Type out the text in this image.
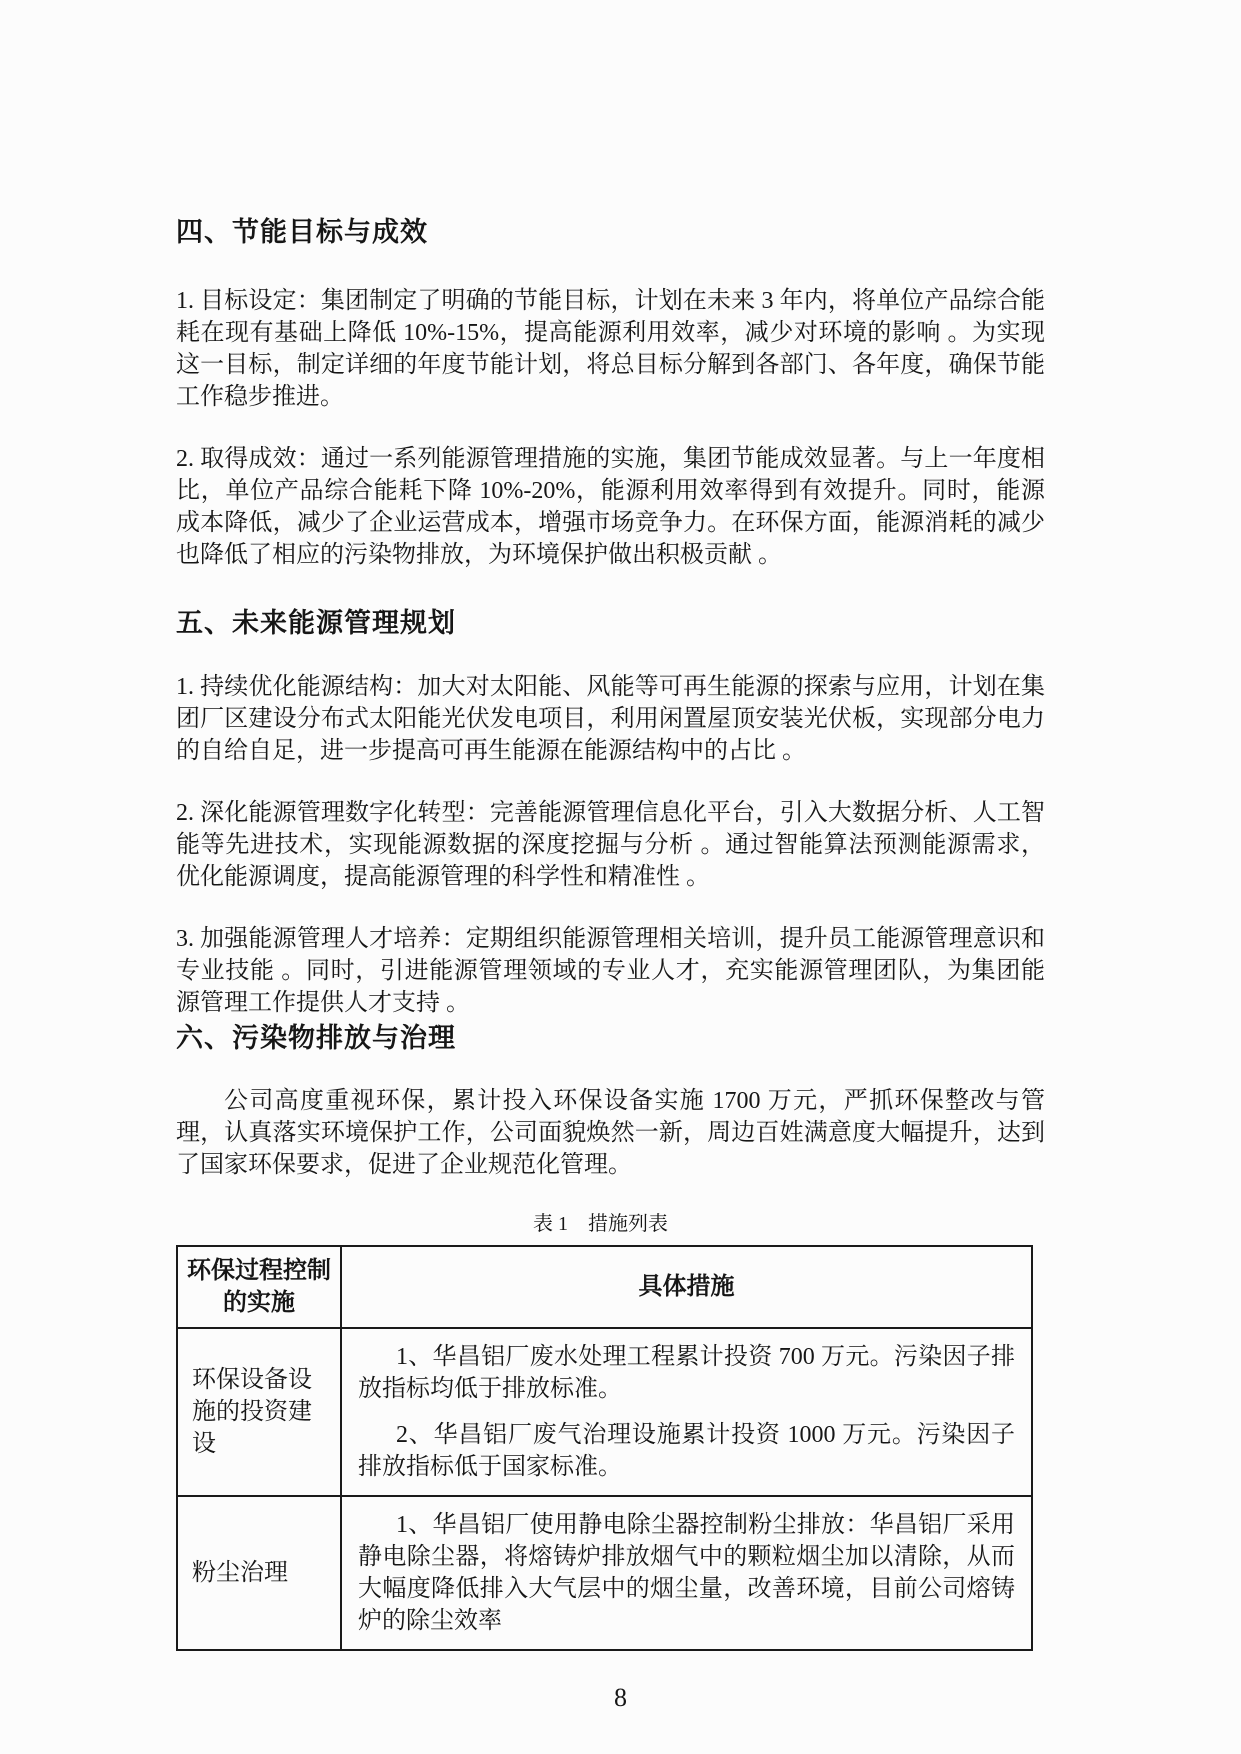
四、节能目标与成效

1. 目标设定：集团制定了明确的节能目标，计划在未来 3 年内，将单位产品综合能耗在现有基础上降低 10%-15%，提高能源利用效率，减少对环境的影响 。为实现这一目标，制定详细的年度节能计划，将总目标分解到各部门、各年度，确保节能工作稳步推进。

2. 取得成效：通过一系列能源管理措施的实施，集团节能成效显著。与上一年度相比，单位产品综合能耗下降 10%-20%，能源利用效率得到有效提升。同时，能源成本降低，减少了企业运营成本，增强市场竞争力。在环保方面，能源消耗的减少也降低了相应的污染物排放，为环境保护做出积极贡献 。

五、未来能源管理规划

1. 持续优化能源结构：加大对太阳能、风能等可再生能源的探索与应用，计划在集团厂区建设分布式太阳能光伏发电项目，利用闲置屋顶安装光伏板，实现部分电力的自给自足，进一步提高可再生能源在能源结构中的占比 。

2. 深化能源管理数字化转型：完善能源管理信息化平台，引入大数据分析、人工智能等先进技术，实现能源数据的深度挖掘与分析 。通过智能算法预测能源需求，优化能源调度，提高能源管理的科学性和精准性 。

3. 加强能源管理人才培养：定期组织能源管理相关培训，提升员工能源管理意识和专业技能 。同时，引进能源管理领域的专业人才，充实能源管理团队，为集团能源管理工作提供人才支持 。

六、污染物排放与治理

公司高度重视环保，累计投入环保设备实施 1700 万元，严抓环保整改与管理，认真落实环境保护工作，公司面貌焕然一新，周边百姓满意度大幅提升，达到了国家环保要求，促进了企业规范化管理。

表 1　措施列表
环保过程控制的实施	具体措施
环保设备设施的投资建设	1、华昌铝厂废水处理工程累计投资 700 万元。污染因子排放指标均低于排放标准。

2、华昌铝厂废气治理设施累计投资 1000 万元。污染因子排放指标低于国家标准。

粉尘治理	1、华昌铝厂使用静电除尘器控制粉尘排放：华昌铝厂采用静电除尘器，将熔铸炉排放烟气中的颗粒烟尘加以清除，从而大幅度降低排入大气层中的烟尘量，改善环境，目前公司熔铸炉的除尘效率

8
